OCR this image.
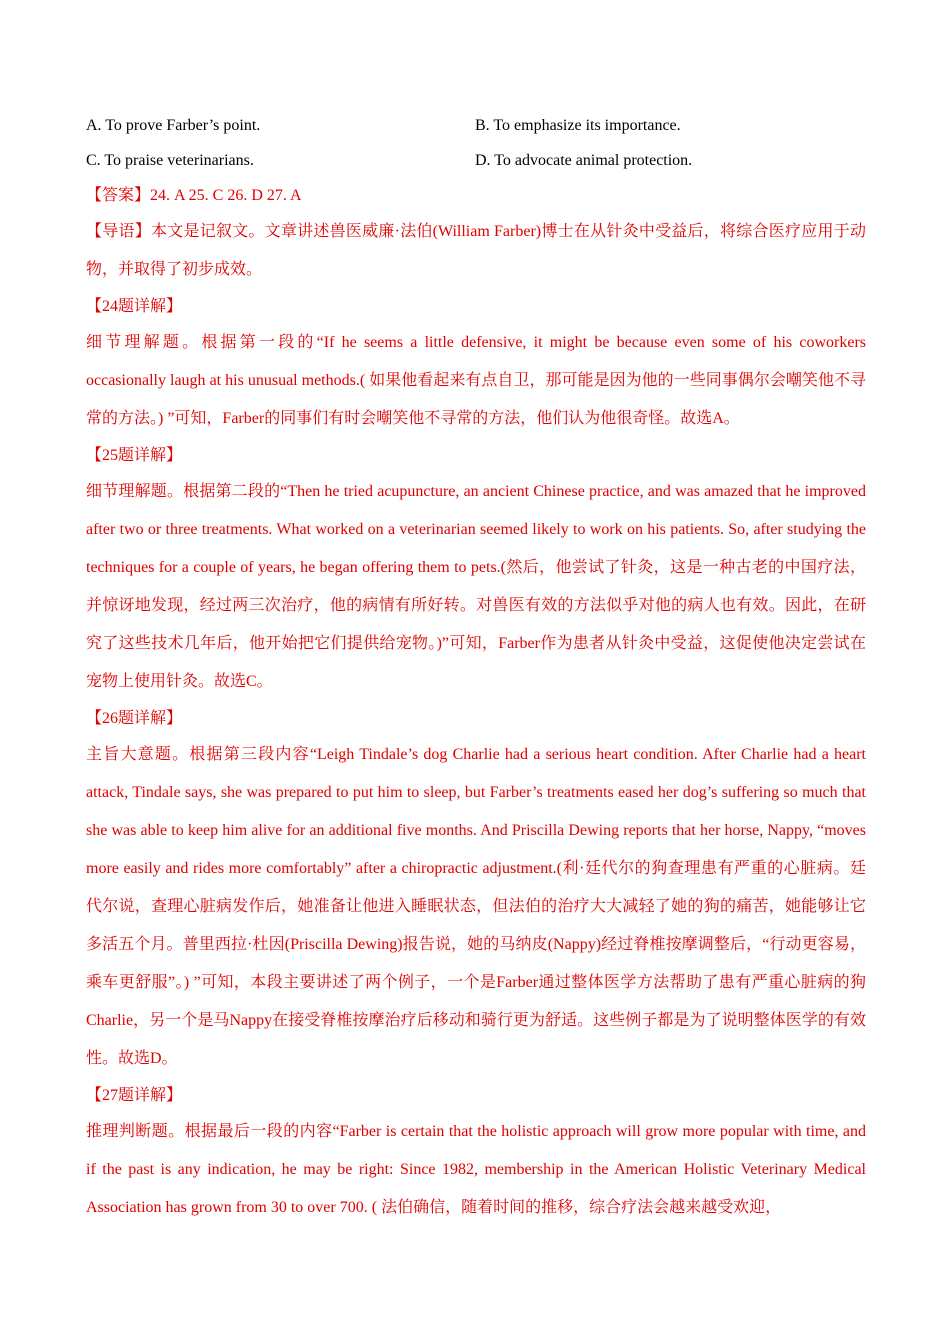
A. To prove Farber’s point.	B. To emphasize its importance.
C. To praise veterinarians.	D. To advocate animal protection.
【答案】24. A 25. C 26. D 27. A
【导语】本文是记叙文。文章讲述兽医威廉·法伯(William Farber)博士在从针灸中受益后，将综合医疗应用于动物，并取得了初步成效。
【24题详解】
细节理解题。根据第一段的“If he seems a little defensive, it might be because even some of his coworkers occasionally laugh at his unusual methods.( 如果他看起来有点自卫，那可能是因为他的一些同事偶尔会嘲笑他不寻常的方法。) ”可知，Farber的同事们有时会嘲笑他不寻常的方法，他们认为他很奇怪。故选A。
【25题详解】
细节理解题。根据第二段的“Then he tried acupuncture, an ancient Chinese practice, and was amazed that he improved after two or three treatments. What worked on a veterinarian seemed likely to work on his patients. So, after studying the techniques for a couple of years, he began offering them to pets.(然后，他尝试了针灸，这是一种古老的中国疗法，并惊讶地发现，经过两三次治疗，他的病情有所好转。对兽医有效的方法似乎对他的病人也有效。因此，在研究了这些技术几年后，他开始把它们提供给宠物。)”可知，Farber作为患者从针灸中受益，这促使他决定尝试在宠物上使用针灸。故选C。
【26题详解】
主旨大意题。根据第三段内容“Leigh Tindale’s dog Charlie had a serious heart condition. After Charlie had a heart attack, Tindale says, she was prepared to put him to sleep, but Farber’s treatments eased her dog’s suffering so much that she was able to keep him alive for an additional five months. And Priscilla Dewing reports that her horse, Nappy, “moves more easily and rides more comfortably” after a chiropractic adjustment.(利·廷代尔的狗查理患有严重的心脏病。廷代尔说，查理心脏病发作后，她准备让他进入睡眠状态，但法伯的治疗大大减轻了她的狗的痛苦，她能够让它多活五个月。普里西拉·杜因(Priscilla Dewing)报告说，她的马纳皮(Nappy)经过脊椎按摩调整后，“行动更容易，乘车更舒服”。) ”可知，本段主要讲述了两个例子，一个是Farber通过整体医学方法帮助了患有严重心脏病的狗Charlie，另一个是马Nappy在接受脊椎按摩治疗后移动和骑行更为舒适。这些例子都是为了说明整体医学的有效性。故选D。
【27题详解】
推理判断题。根据最后一段的内容“Farber is certain that the holistic approach will grow more popular with time, and if the past is any indication, he may be right: Since 1982, membership in the American Holistic Veterinary Medical Association has grown from 30 to over 700. ( 法伯确信，随着时间的推移，综合疗法会越来越受欢迎，
